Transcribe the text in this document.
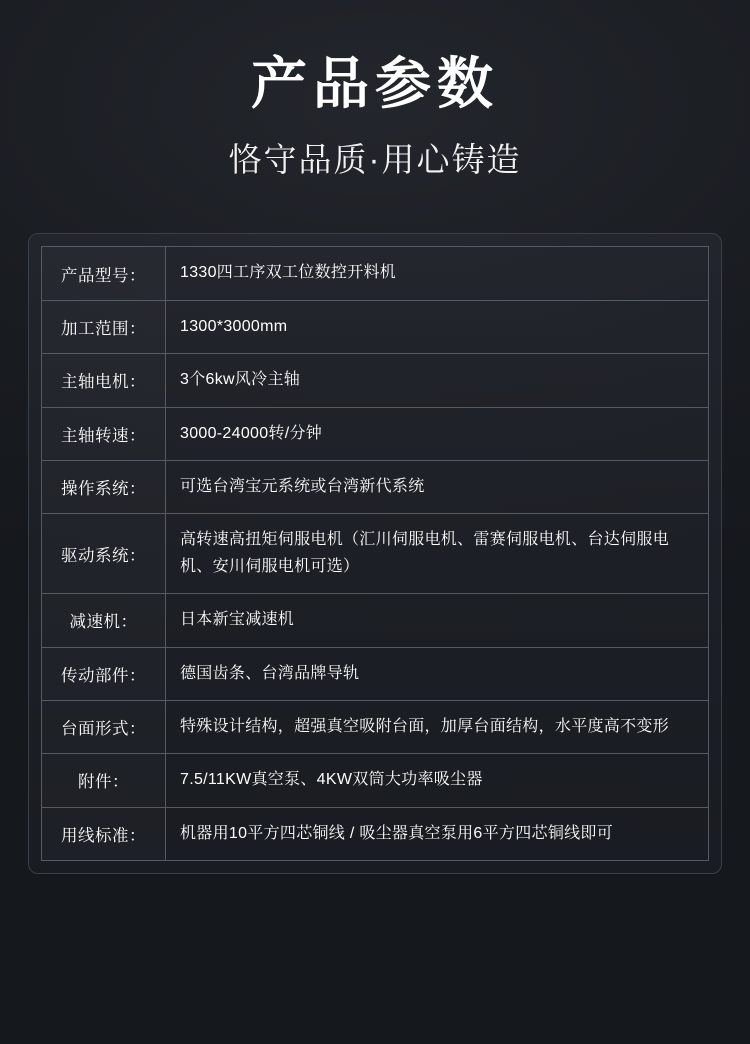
产品参数
恪守品质·用心铸造
产品型号：	1330四工序双工位数控开料机
加工范围：	1300*3000mm
主轴电机：	3个6kw风冷主轴
主轴转速：	3000-24000转/分钟
操作系统：	可选台湾宝元系统或台湾新代系统
驱动系统：	高转速高扭矩伺服电机（汇川伺服电机、雷赛伺服电机、台达伺服电机、安川伺服电机可选）
减速机：	日本新宝减速机
传动部件：	德国齿条、台湾品牌导轨
台面形式：	特殊设计结构，超强真空吸附台面，加厚台面结构，水平度高不变形
附件：	7.5/11KW真空泵、4KW双筒大功率吸尘器
用线标准：	机器用10平方四芯铜线 / 吸尘器真空泵用6平方四芯铜线即可
